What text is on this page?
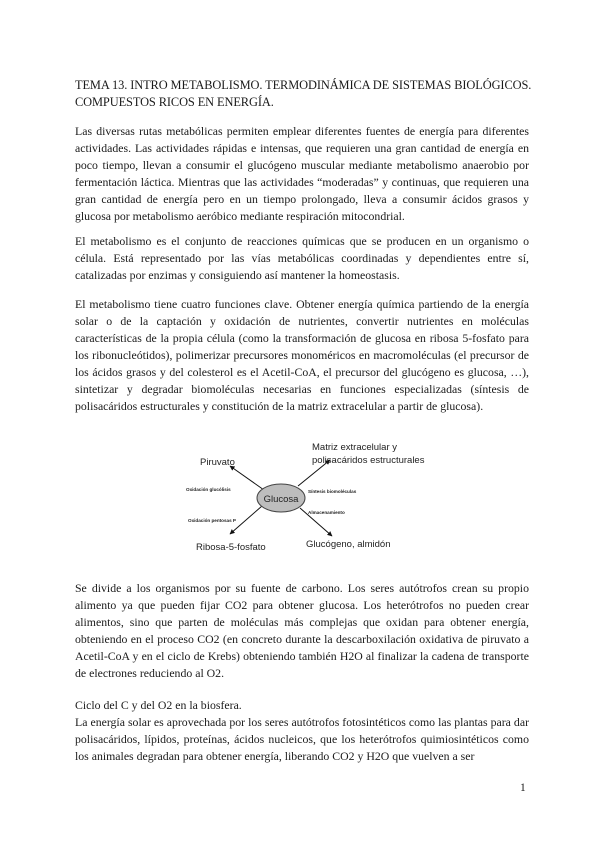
TEMA 13. INTRO METABOLISMO. TERMODINÁMICA DE SISTEMAS BIOLÓGICOS. COMPUESTOS RICOS EN ENERGÍA.

Las diversas rutas metabólicas permiten emplear diferentes fuentes de energía para diferentes actividades. Las actividades rápidas e intensas, que requieren una gran cantidad de energía en poco tiempo, llevan a consumir el glucógeno muscular mediante metabolismo anaerobio por fermentación láctica. Mientras que las actividades “moderadas” y continuas, que requieren una gran cantidad de energía pero en un tiempo prolongado, lleva a consumir ácidos grasos y glucosa por metabolismo aeróbico mediante respiración mitocondrial.

El metabolismo es el conjunto de reacciones químicas que se producen en un organismo o célula. Está representado por las vías metabólicas coordinadas y dependientes entre sí, catalizadas por enzimas y consiguiendo así mantener la homeostasis.

El metabolismo tiene cuatro funciones clave. Obtener energía química partiendo de la energía solar o de la captación y oxidación de nutrientes, convertir nutrientes en moléculas características de la propia célula (como la transformación de glucosa en ribosa 5-fosfato para los ribonucleótidos), polimerizar precursores monoméricos en macromoléculas (el precursor de los ácidos grasos y del colesterol es el Acetil-CoA, el precursor del glucógeno es glucosa, …), sintetizar y degradar biomoléculas necesarias en funciones especializadas (síntesis de polisacáridos estructurales y constitución de la matriz extracelular a partir de glucosa).

Glucosa
Piruvato
Matriz extracelular y
polisacáridos estructurales
Ribosa-5-fosfato	Glucógeno, almidón
Oxidación glucólisis
Oxidación pentosas P
Síntesis biomoléculas
Almacenamiento

Se divide a los organismos por su fuente de carbono. Los seres autótrofos crean su propio alimento ya que pueden fijar CO2 para obtener glucosa. Los heterótrofos no pueden crear alimentos, sino que parten de moléculas más complejas que oxidan para obtener energía, obteniendo en el proceso CO2 (en concreto durante la descarboxilación oxidativa de piruvato a Acetil-CoA y en el ciclo de Krebs) obteniendo también H2O al finalizar la cadena de transporte de electrones reduciendo al O2.

Ciclo del C y del O2 en la biosfera.

La energía solar es aprovechada por los seres autótrofos fotosintéticos como las plantas para dar polisacáridos, lípidos, proteínas, ácidos nucleicos, que los heterótrofos quimiosintéticos como los animales degradan para obtener energía, liberando CO2 y H2O que vuelven a ser

1
